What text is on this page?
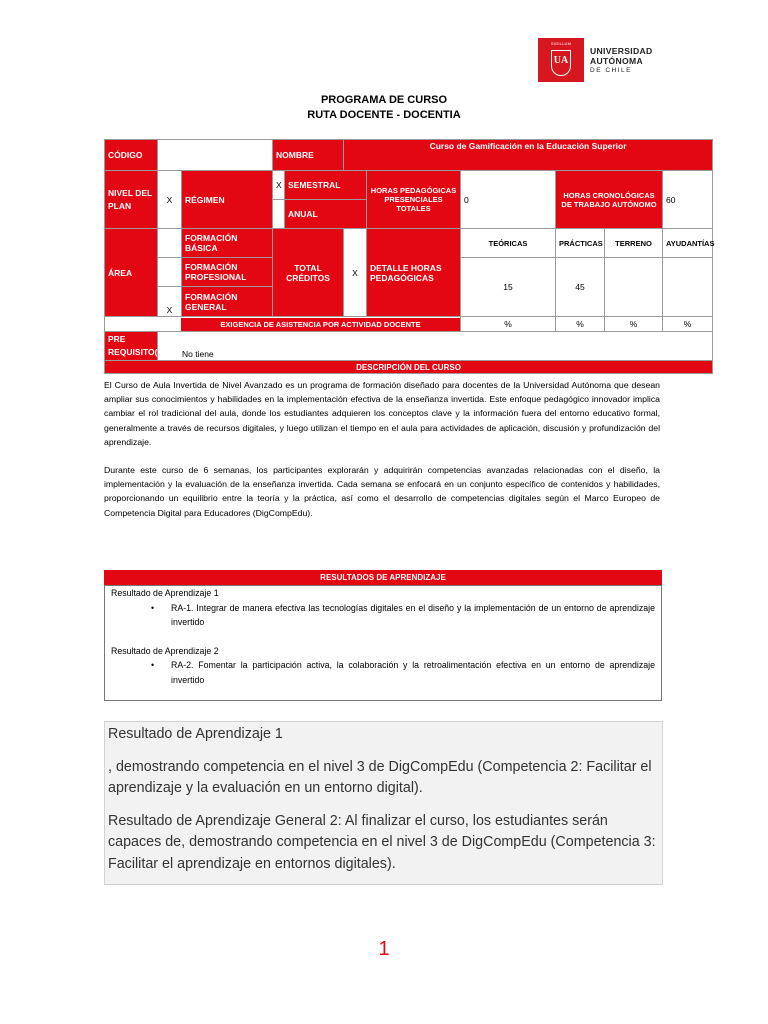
SIGILLUM
UA
UNIVERSIDAD
AUTÓNOMA
DE CHILE
PROGRAMA DE CURSO
RUTA DOCENTE - DOCENTIA
CÓDIGO			NOMBRE		Curso de Gamificación en la Educación Superior					
NIVEL DEL PLAN	X	RÉGIMEN	X	SEMESTRAL		HORAS PEDAGÓGICAS PRESENCIALES TOTALES	0	HORAS CRONOLÓGICAS DE TRABAJO AUTÓNOMO		60
				ANUAL						
ÁREA		FORMACIÓN BÁSICA	TOTAL CRÉDITOS		X	DETALLE HORAS PEDAGÓGICAS	TEÓRICAS	PRÁCTICAS	TERRENO	AYUDANTÍAS
		FORMACIÓN PROFESIONAL					15	45		
	X	FORMACIÓN GENERAL								

EXIGENCIA DE ASISTENCIA POR ACTIVIDAD DOCENTE							%	%	%	%
PRE REQUISITO(S)	No tiene									
DESCRIPCIÓN DEL CURSO										

El Curso de Aula Invertida de Nivel Avanzado es un programa de formación diseñado para docentes de la Universidad Autónoma que desean ampliar sus conocimientos y habilidades en la implementación efectiva de la enseñanza invertida. Este enfoque pedagógico innovador implica cambiar el rol tradicional del aula, donde los estudiantes adquieren los conceptos clave y la información fuera del entorno educativo formal, generalmente a través de recursos digitales, y luego utilizan el tiempo en el aula para actividades de aplicación, discusión y profundización del aprendizaje.

Durante este curso de 6 semanas, los participantes explorarán y adquirirán competencias avanzadas relacionadas con el diseño, la implementación y la evaluación de la enseñanza invertida. Cada semana se enfocará en un conjunto específico de contenidos y habilidades, proporcionando un equilibrio entre la teoría y la práctica, así como el desarrollo de competencias digitales según el Marco Europeo de Competencia Digital para Educadores (DigCompEdu).

RESULTADOS DE APRENDIZAJE
Resultado de Aprendizaje 1
• RA-1. Integrar de manera efectiva las tecnologías digitales en el diseño y la implementación de un entorno de aprendizaje invertido
Resultado de Aprendizaje 2
• RA-2. Fomentar la participación activa, la colaboración y la retroalimentación efectiva en un entorno de aprendizaje invertido

Resultado de Aprendizaje 1

, demostrando competencia en el nivel 3 de DigCompEdu (Competencia 2: Facilitar el aprendizaje y la evaluación en un entorno digital).

Resultado de Aprendizaje General 2: Al finalizar el curso, los estudiantes serán capaces de, demostrando competencia en el nivel 3 de DigCompEdu (Competencia 3: Facilitar el aprendizaje en entornos digitales).

1
